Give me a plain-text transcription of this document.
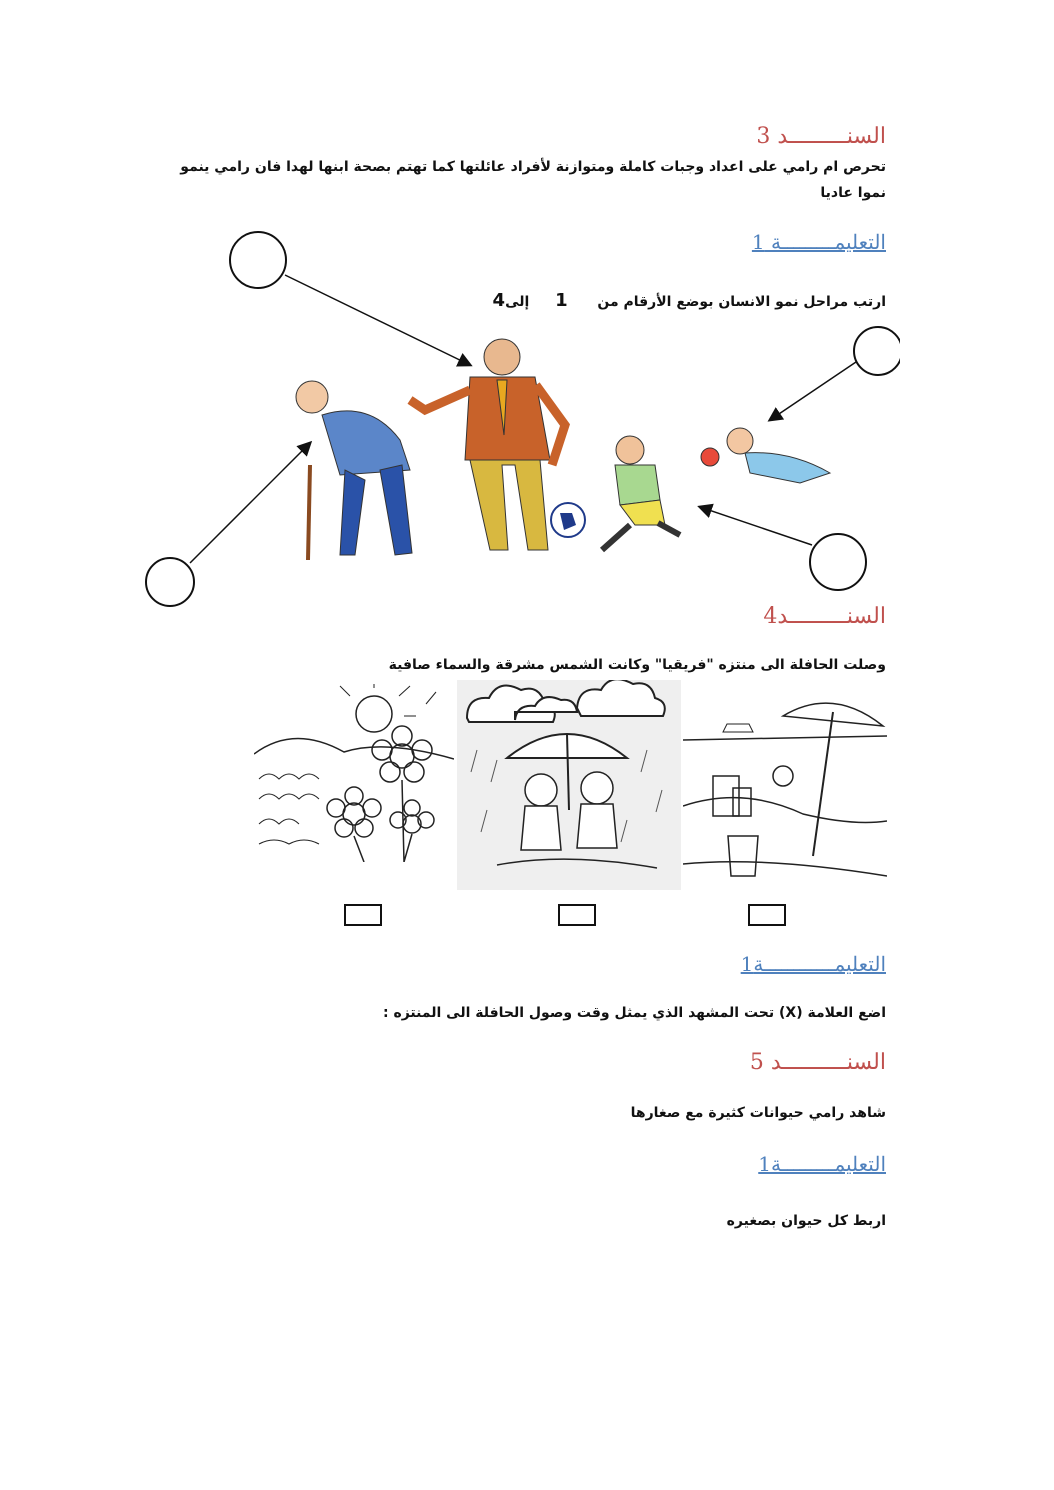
السنـــــــــد 3
تحرص ام رامي على اعداد وجبات كاملة ومتوازنة لأفراد عائلتها كما تهتم بصحة ابنها لهدا فان رامي ينمو نموا عاديا
التعليمـــــــــة 1
ارتب مراحل نمو الانسان بوضع الأرقام من  1  إلى4
السنـــــــــد4
وصلت الحافلة الى منتزه "فريقيا" وكانت الشمس مشرقة والسماء صافية
التعليمــــــــــــة1
اضع العلامة (X) تحت المشهد الذي يمثل وقت وصول الحافلة الى المنتزه :
السنــــــــــد 5
شاهد رامي حيوانات كثيرة مع صغارها
التعليمـــــــــة1
اربط كل حيوان بصغيره
